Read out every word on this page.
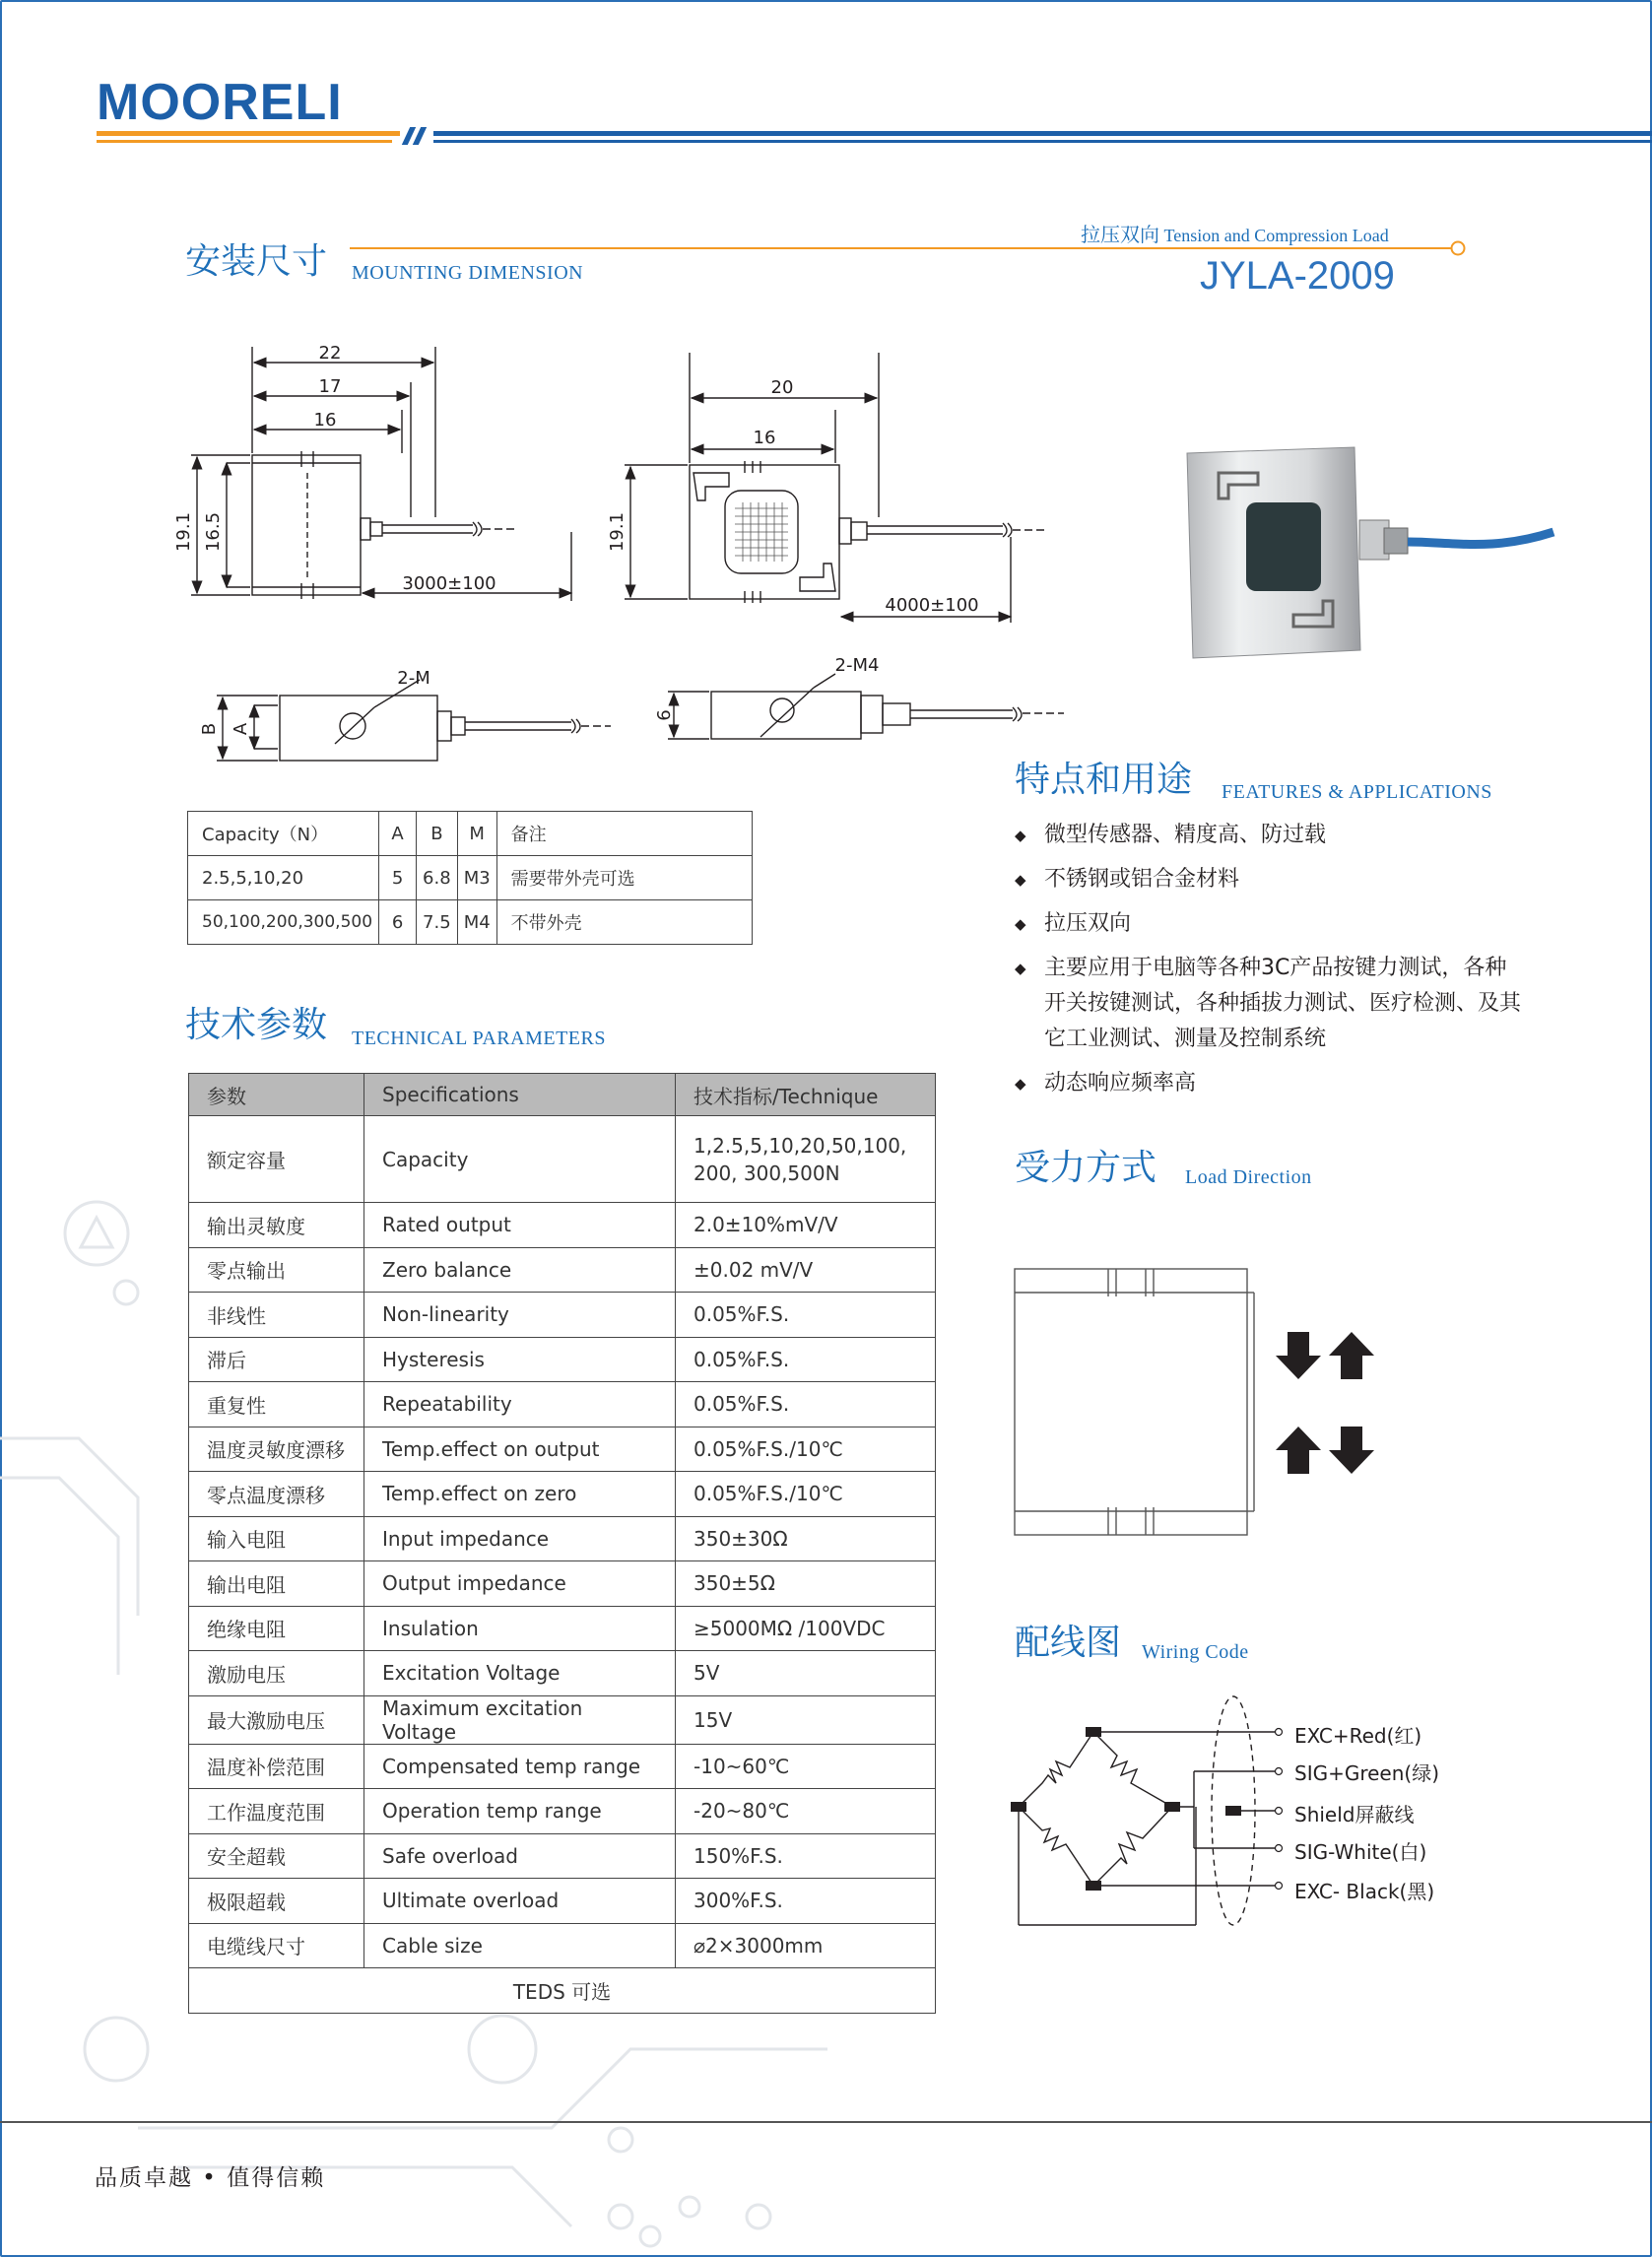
MOORELI
安装尺寸 MOUNTING DIMENSION
拉压双向 Tension and Compression Load
JYLA-2009
22
17
16
19.1 16.5
3000±100
2-M
B A
20
16
19.1
4000±100
2-M4
6
Capacity（N）	A	B	M	备注
2.5,5,10,20	5	6.8	M3	需要带外壳可选
50,100,200,300,500	6	7.5	M4	不带外壳
技术参数 TECHNICAL PARAMETERS
参数	Specifications	技术指标/Technique
额定容量	Capacity	1,2.5,5,10,20,50,100, 200, 300,500N
输出灵敏度	Rated output	2.0±10%mV/V
零点输出	Zero balance	±0.02 mV/V
非线性	Non-linearity	0.05%F.S.
滞后	Hysteresis	0.05%F.S.
重复性	Repeatability	0.05%F.S.
温度灵敏度漂移	Temp.effect on output	0.05%F.S./10℃
零点温度漂移	Temp.effect on zero	0.05%F.S./10℃
输入电阻	Input impedance	350±30Ω
输出电阻	Output impedance	350±5Ω
绝缘电阻	Insulation	≥5000MΩ /100VDC
激励电压	Excitation Voltage	5V
最大激励电压	Maximum excitation Voltage	15V
温度补偿范围	Compensated temp range	-10~60℃
工作温度范围	Operation temp range	-20~80℃
安全超载	Safe overload	150%F.S.
极限超载	Ultimate overload	300%F.S.
电缆线尺寸	Cable size	⌀2×3000mm
TEDS 可选		
特点和用途 FEATURES & APPLICATIONS
◆ 微型传感器、精度高、防过载
◆ 不锈钢或铝合金材料
◆ 拉压双向
◆ 主要应用于电脑等各种3C产品按键力测试，各种开关按键测试，各种插拔力测试、医疗检测、及其它工业测试、测量及控制系统
◆ 动态响应频率高
受力方式 Load Direction
配线图 Wiring Code
EXC+Red(红)
SIG+Green(绿)
Shield屏蔽线
SIG-White(白)
EXC- Black(黑)
品质卓越 • 值得信赖
